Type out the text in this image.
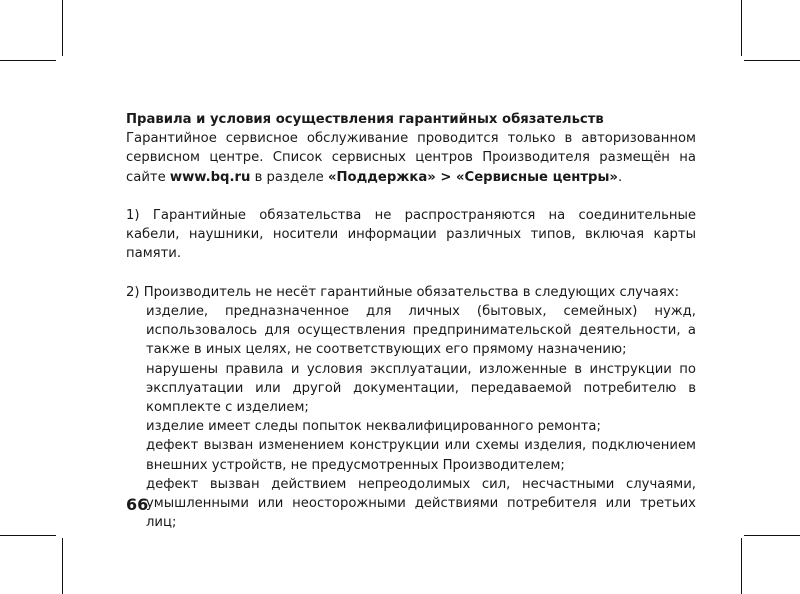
Правила и условия осуществления гарантийных обязательств

Гарантийное сервисное обслуживание проводится только в авторизованном сервисном центре. Список сервисных центров Производителя размещён на сайте www.bq.ru в разделе «Поддержка» > «Сервисные центры».

1) Гарантийные обязательства не распространяются на соединительные кабели, наушники, носители информации различных типов, включая карты памяти.

2) Производитель не несёт гарантийные обязательства в следующих случаях:

изделие, предназначенное для личных (бытовых, семейных) нужд, использовалось для осуществления предпринимательской деятельности, а также в иных целях, не соответствующих его прямому назначению;

нарушены правила и условия эксплуатации, изложенные в инструкции по эксплуатации или другой документации, передаваемой потребителю в комплекте с изделием;

изделие имеет следы попыток неквалифицированного ремонта;

дефект вызван изменением конструкции или схемы изделия, подключением внешних устройств, не предусмотренных Производителем;

дефект вызван действием непреодолимых сил, несчастными случаями, умышленными или неосторожными действиями потребителя или третьих лиц;

66
